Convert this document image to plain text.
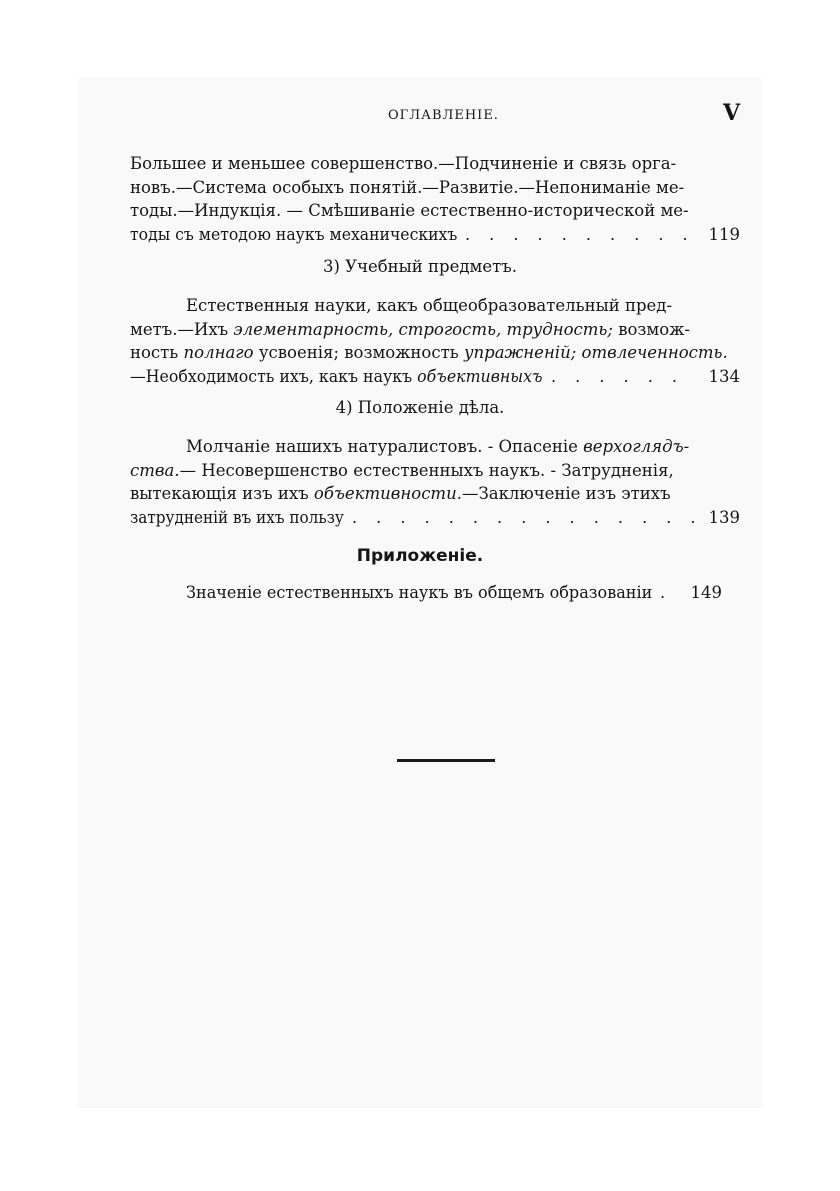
ОГЛАВЛЕНІЕ.	V
Большее и меньшее совершенство.—Подчиненіе и связь орга-
новъ.—Система особыхъ понятій.—Развитіе.—Непониманіе ме-
тоды.—Индукція. — Смѣшиваніе естественно-исторической ме-
тоды съ методою наукъ механическихъ . . .	119
3) Учебный предметъ.
Естественныя науки, какъ общеобразовательный пред-
метъ.—Ихъ элементарность, строгость, трудность; возмож-
ность полнаго усвоенія; возможность упражненій; отвлеченность.
—Необходимость ихъ, какъ наукъ объективныхъ . . .	134
4) Положеніе дѣла.
Молчаніе нашихъ натуралистовъ. - Опасеніе верхоглядъ-
ства.— Несовершенство естественныхъ наукъ. - Затрудненія,
вытекающія изъ ихъ объективности.—Заключеніе изъ этихъ
затрудненій въ ихъ пользу . . .	139
Приложеніе.
Значеніе естественныхъ наукъ въ общемъ образованіи . . . 149
